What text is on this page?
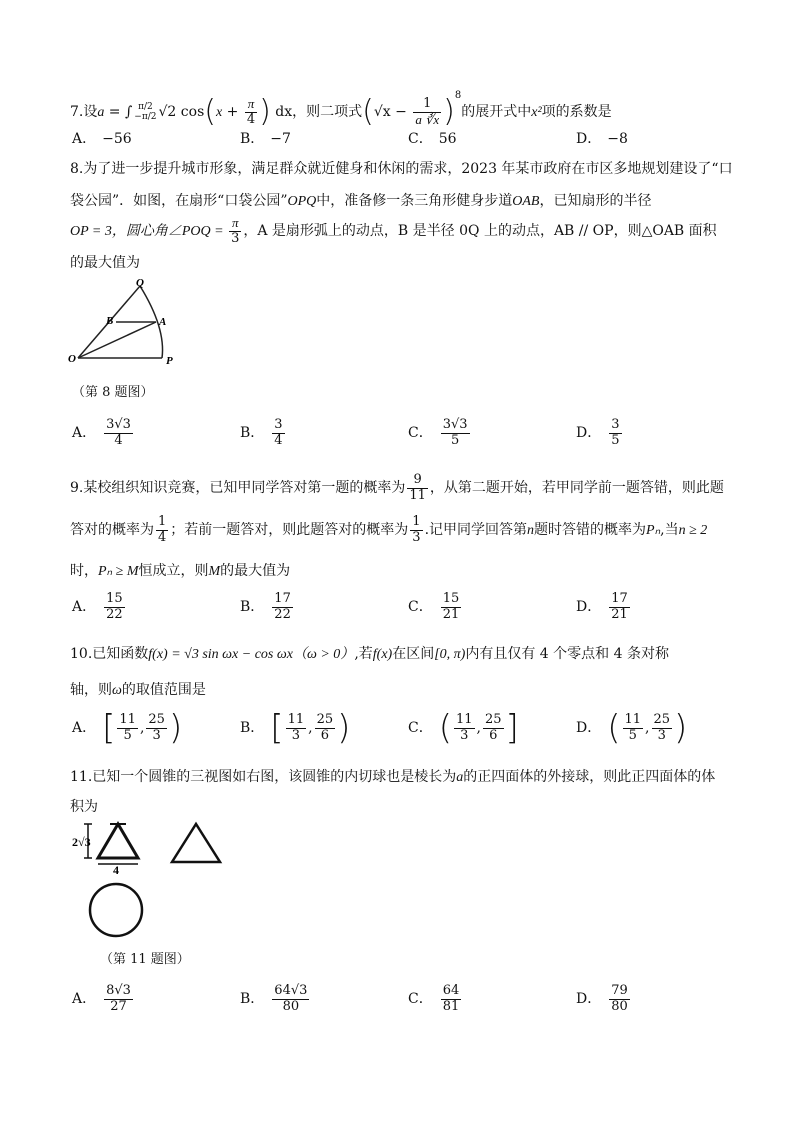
7.设a = ∫ π/2
−π/2 √2 $\cos(x + \frac{\pi}{4}$ ) dx，则二项式$(√x - \frac{1}{a ∛x} )^8$的展开式中x²项的系数是
A． −56	B． −7	C． 56	D． −8
8.为了进一步提升城市形象，满足群众就近健身和休闲的需求，2023 年某市政府在市区多地规划建设了“口
袋公园”．如图，在扇形“口袋公园”OPQ中，准备修一条三角形健身步道OAB，已知扇形的半径
OP = 3，圆心角∠POQ = $\frac{\pi}{3}$ ，A 是扇形弧上的动点，B 是半径 0Q 上的动点，AB // OP，则△OAB 面积
的最大值为
Q
B	A
O	P
（第 8 题图）
A． $\frac{3√3}{4}$	B． $\frac{3}{4}$	C． $\frac{3√3}{5}$	D． $\frac{3}{5}$
9.某校组织知识竞赛，已知甲同学答对第一题的概率为 $\frac{9}{11}$ ，从第二题开始，若甲同学前一题答错，则此题
答对的概率为 $\frac{1}{4}$ ；若前一题答对，则此题答对的概率为 $\frac{1}{3}$ .记甲同学回答第n题时答错的概率为Pₙ,当n ≥ 2
时，Pₙ ≥ M恒成立，则M的最大值为
A． $\frac{15}{22}$	B． $\frac{17}{22}$	C． $\frac{15}{21}$	D． $\frac{17}{21}$
10.已知函数f(x) = √3 sin ωx − cos ωx（ω > 0）,若f(x)在区间[0, π)内有且仅有 4 个零点和 4 条对称
轴，则ω的取值范围是
A． [ $\frac{11}{5}$ , $\frac{25}{3}$ )	B． [ $\frac{11}{3}$ , $\frac{25}{6}$ )	C． ( $\frac{11}{3}$ , $\frac{25}{6}$ ]	D． ( $\frac{11}{5}$ , $\frac{25}{3}$ )
11.已知一个圆锥的三视图如右图，该圆锥的内切球也是棱长为a的正四面体的外接球，则此正四面体的体
积为
2√3
4
（第 11 题图）
A． $\frac{8√3}{27}$	B． $\frac{64√3}{80}$	C． $\frac{64}{81}$	D． $\frac{79}{80}$
